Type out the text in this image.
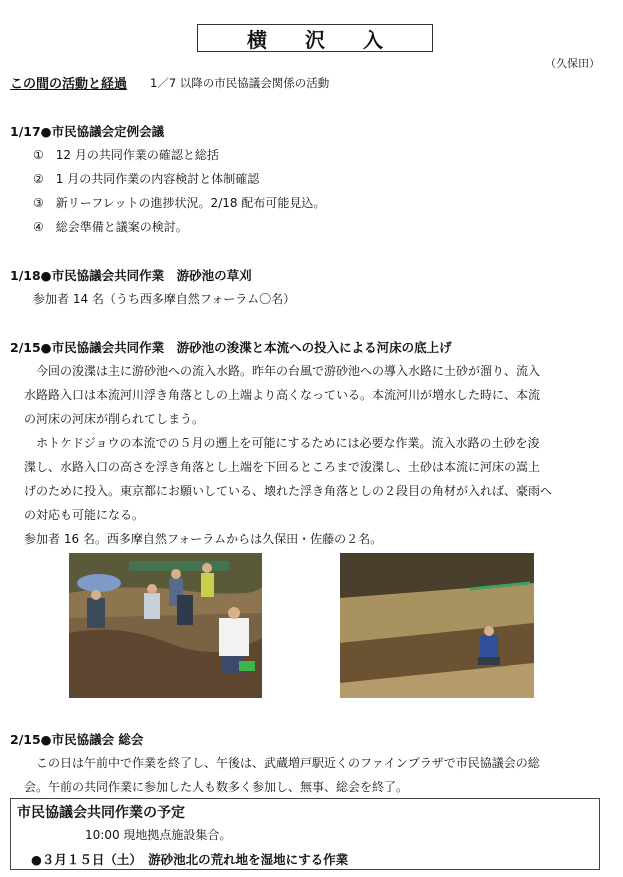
横沢入
（久保田）
この間の活動と経過 1／7 以降の市民協議会関係の活動
1/17●市民協議会定例会議
①　12 月の共同作業の確認と総括
②　1 月の共同作業の内容検討と体制確認
③　新リーフレットの進捗状況。2/18 配布可能見込。
④　総会準備と議案の検討。
1/18●市民協議会共同作業　游砂池の草刈
参加者 14 名（うち西多摩自然フォーラム〇名）
2/15●市民協議会共同作業　游砂池の浚渫と本流への投入による河床の底上げ
今回の浚渫は主に游砂池への流入水路。昨年の台風で游砂池への導入水路に土砂が溜り、流入
水路路入口は本流河川浮き角落としの上端より高くなっている。本流河川が増水した時に、本流
の河床の河床が削られてしまう。
ホトケドジョウの本流での５月の遡上を可能にするためには必要な作業。流入水路の土砂を浚
渫し、水路入口の高さを浮き角落とし上端を下回るところまで浚渫し、土砂は本流に河床の嵩上
げのために投入。東京都にお願いしている、壊れた浮き角落としの２段目の角材が入れば、豪雨へ
の対応も可能になる。
参加者 16 名。西多摩自然フォーラムからは久保田・佐藤の２名。
2/15●市民協議会 総会
この日は午前中で作業を終了し、午後は、武蔵増戸駅近くのファインプラザで市民協議会の総
会。午前の共同作業に参加した人も数多く参加し、無事、総会を終了。
市民協議会共同作業の予定
10:00 現地拠点施設集合。
●３月１５日（土）　游砂池北の荒れ地を湿地にする作業
